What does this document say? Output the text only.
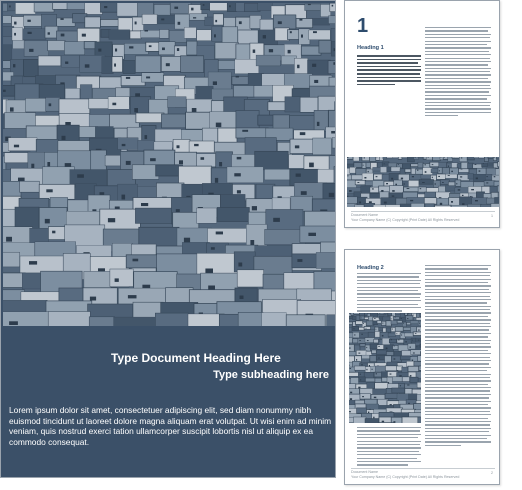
Type Document Heading Here
Type subheading here
Lorem ipsum dolor sit amet, consectetuer adipiscing elit, sed diam nonummy nibh euismod tincidunt ut laoreet dolore magna aliquam erat volutpat. Ut wisi enim ad minim veniam, quis nostrud exerci tation ullamcorper suscipit lobortis nisl ut aliquip ex ea commodo consequat.
1
Heading 1
Document Name
Your Company Name (C) Copyright (Print Date) All Rights Reserved
1
Heading 2
Document Name
Your Company Name (C) Copyright (Print Date) All Rights Reserved
2
